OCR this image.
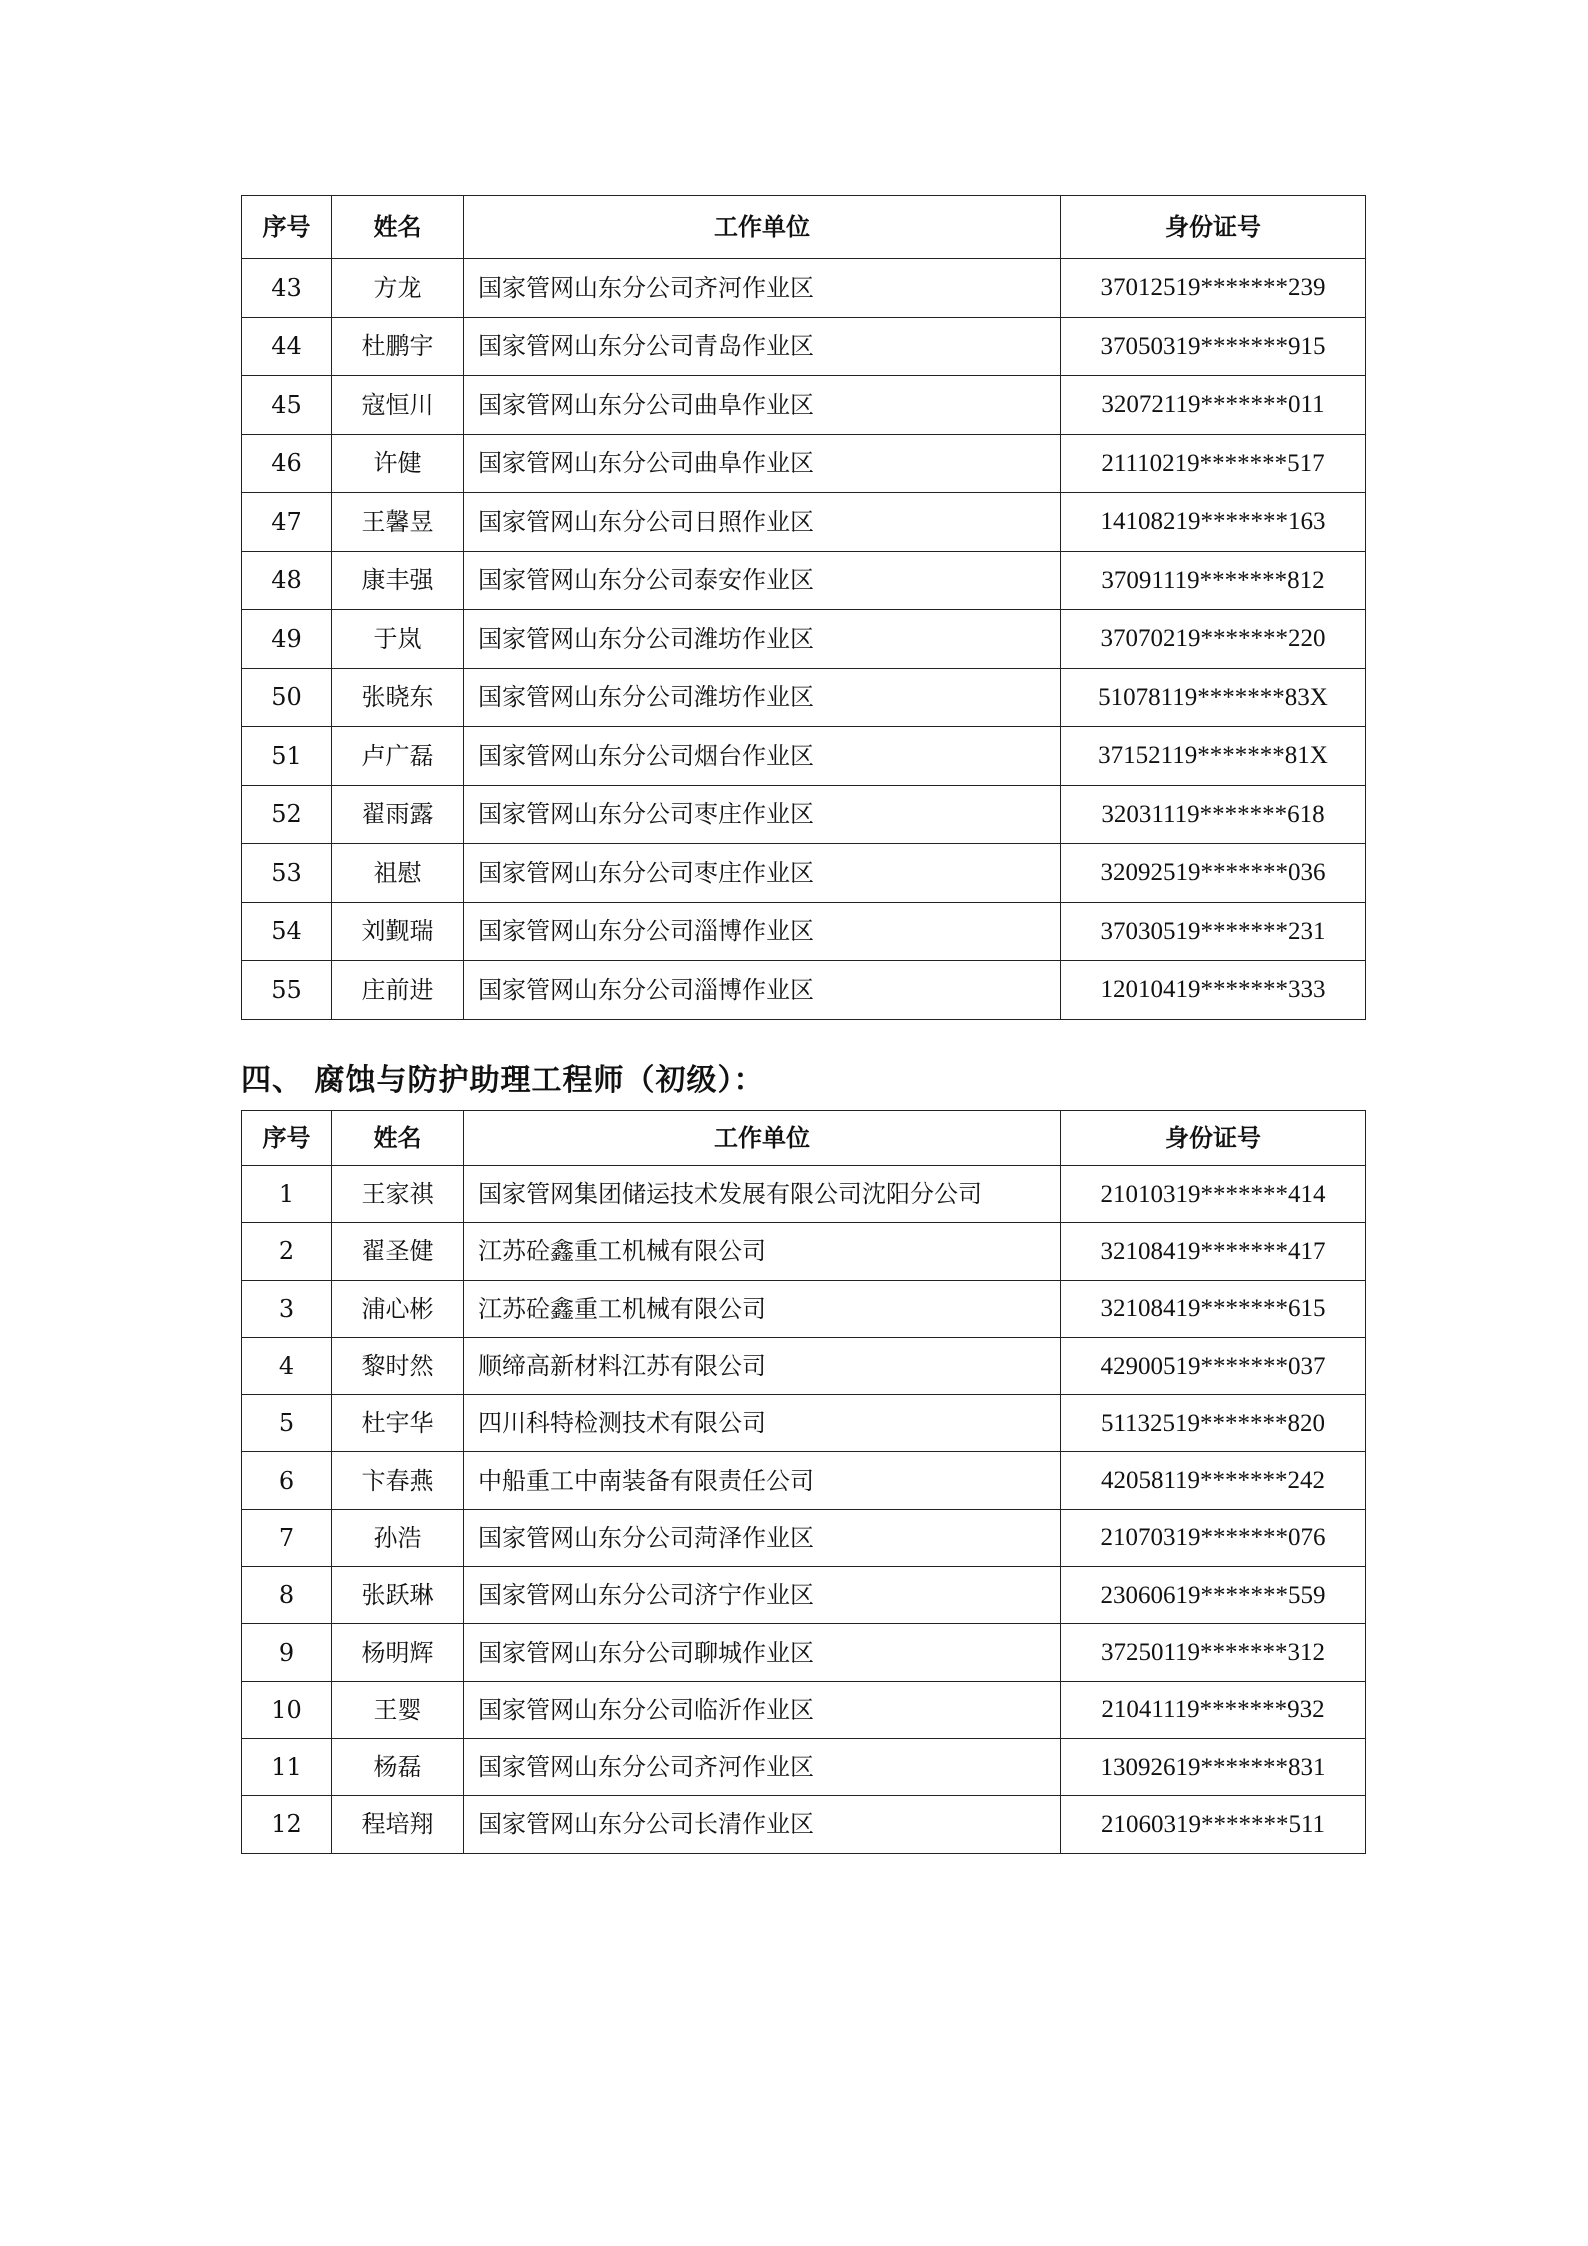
序号	姓名	工作单位	身份证号
43	方龙	国家管网山东分公司齐河作业区	37012519*******239
44	杜鹏宇	国家管网山东分公司青岛作业区	37050319*******915
45	寇恒川	国家管网山东分公司曲阜作业区	32072119*******011
46	许健	国家管网山东分公司曲阜作业区	21110219*******517
47	王馨昱	国家管网山东分公司日照作业区	14108219*******163
48	康丰强	国家管网山东分公司泰安作业区	37091119*******812
49	于岚	国家管网山东分公司潍坊作业区	37070219*******220
50	张晓东	国家管网山东分公司潍坊作业区	51078119*******83X
51	卢广磊	国家管网山东分公司烟台作业区	37152119*******81X
52	翟雨露	国家管网山东分公司枣庄作业区	32031119*******618
53	祖慰	国家管网山东分公司枣庄作业区	32092519*******036
54	刘觐瑞	国家管网山东分公司淄博作业区	37030519*******231
55	庄前进	国家管网山东分公司淄博作业区	12010419*******333
四、 腐蚀与防护助理工程师（初级）：
序号	姓名	工作单位	身份证号
1	王家祺	国家管网集团储运技术发展有限公司沈阳分公司	21010319*******414
2	翟圣健	江苏砼鑫重工机械有限公司	32108419*******417
3	浦心彬	江苏砼鑫重工机械有限公司	32108419*******615
4	黎时然	顺缔高新材料江苏有限公司	42900519*******037
5	杜宇华	四川科特检测技术有限公司	51132519*******820
6	卞春燕	中船重工中南装备有限责任公司	42058119*******242
7	孙浩	国家管网山东分公司菏泽作业区	21070319*******076
8	张跃琳	国家管网山东分公司济宁作业区	23060619*******559
9	杨明辉	国家管网山东分公司聊城作业区	37250119*******312
10	王婴	国家管网山东分公司临沂作业区	21041119*******932
11	杨磊	国家管网山东分公司齐河作业区	13092619*******831
12	程培翔	国家管网山东分公司长清作业区	21060319*******511
